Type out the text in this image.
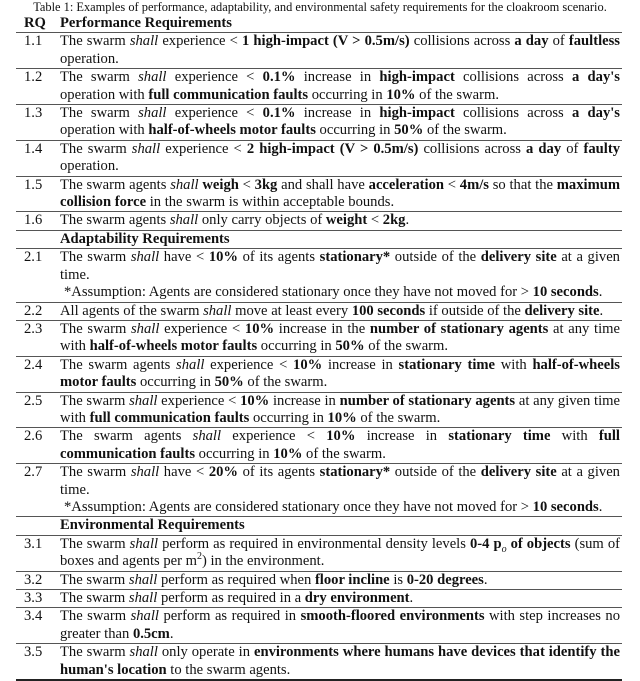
Table 1: Examples of performance, adaptability, and environmental safety requirements for the cloakroom scenario.
RQ Performance Requirements
1.1	The swarm shall experience < 1 high-impact (V > 0.5m/s) collisions across a day of faultless operation.
1.2	The swarm shall experience < 0.1% increase in high-impact collisions across a day's operation with full communication faults occurring in 10% of the swarm.
1.3	The swarm shall experience < 0.1% increase in high-impact collisions across a day's operation with half-of-wheels motor faults occurring in 50% of the swarm.
1.4	The swarm shall experience < 2 high-impact (V > 0.5m/s) collisions across a day of faulty operation.
1.5	The swarm agents shall weigh < 3kg and shall have acceleration < 4m/s so that the maximum collision force in the swarm is within acceptable bounds.
1.6	The swarm agents shall only carry objects of weight < 2kg.
Adaptability Requirements
2.1	The swarm shall have < 10% of its agents stationary* outside of the delivery site at a given time.
*Assumption: Agents are considered stationary once they have not moved for > 10 seconds.
2.2	All agents of the swarm shall move at least every 100 seconds if outside of the delivery site.
2.3	The swarm shall experience < 10% increase in the number of stationary agents at any time with half-of-wheels motor faults occurring in 50% of the swarm.
2.4	The swarm agents shall experience < 10% increase in stationary time with half-of-wheels motor faults occurring in 50% of the swarm.
2.5	The swarm shall experience < 10% increase in number of stationary agents at any given time with full communication faults occurring in 10% of the swarm.
2.6	The swarm agents shall experience < 10% increase in stationary time with full communication faults occurring in 10% of the swarm.
2.7	The swarm shall have < 20% of its agents stationary* outside of the delivery site at a given time.
*Assumption: Agents are considered stationary once they have not moved for > 10 seconds.
Environmental Requirements
3.1	The swarm shall perform as required in environmental density levels 0-4 $p_o$ of objects (sum of boxes and agents per $m^2$) in the environment.
3.2	The swarm shall perform as required when floor incline is 0-20 degrees.
3.3	The swarm shall perform as required in a dry environment.
3.4	The swarm shall perform as required in smooth-floored environments with step increases no greater than 0.5cm.
3.5	The swarm shall only operate in environments where humans have devices that identify the human's location to the swarm agents.
